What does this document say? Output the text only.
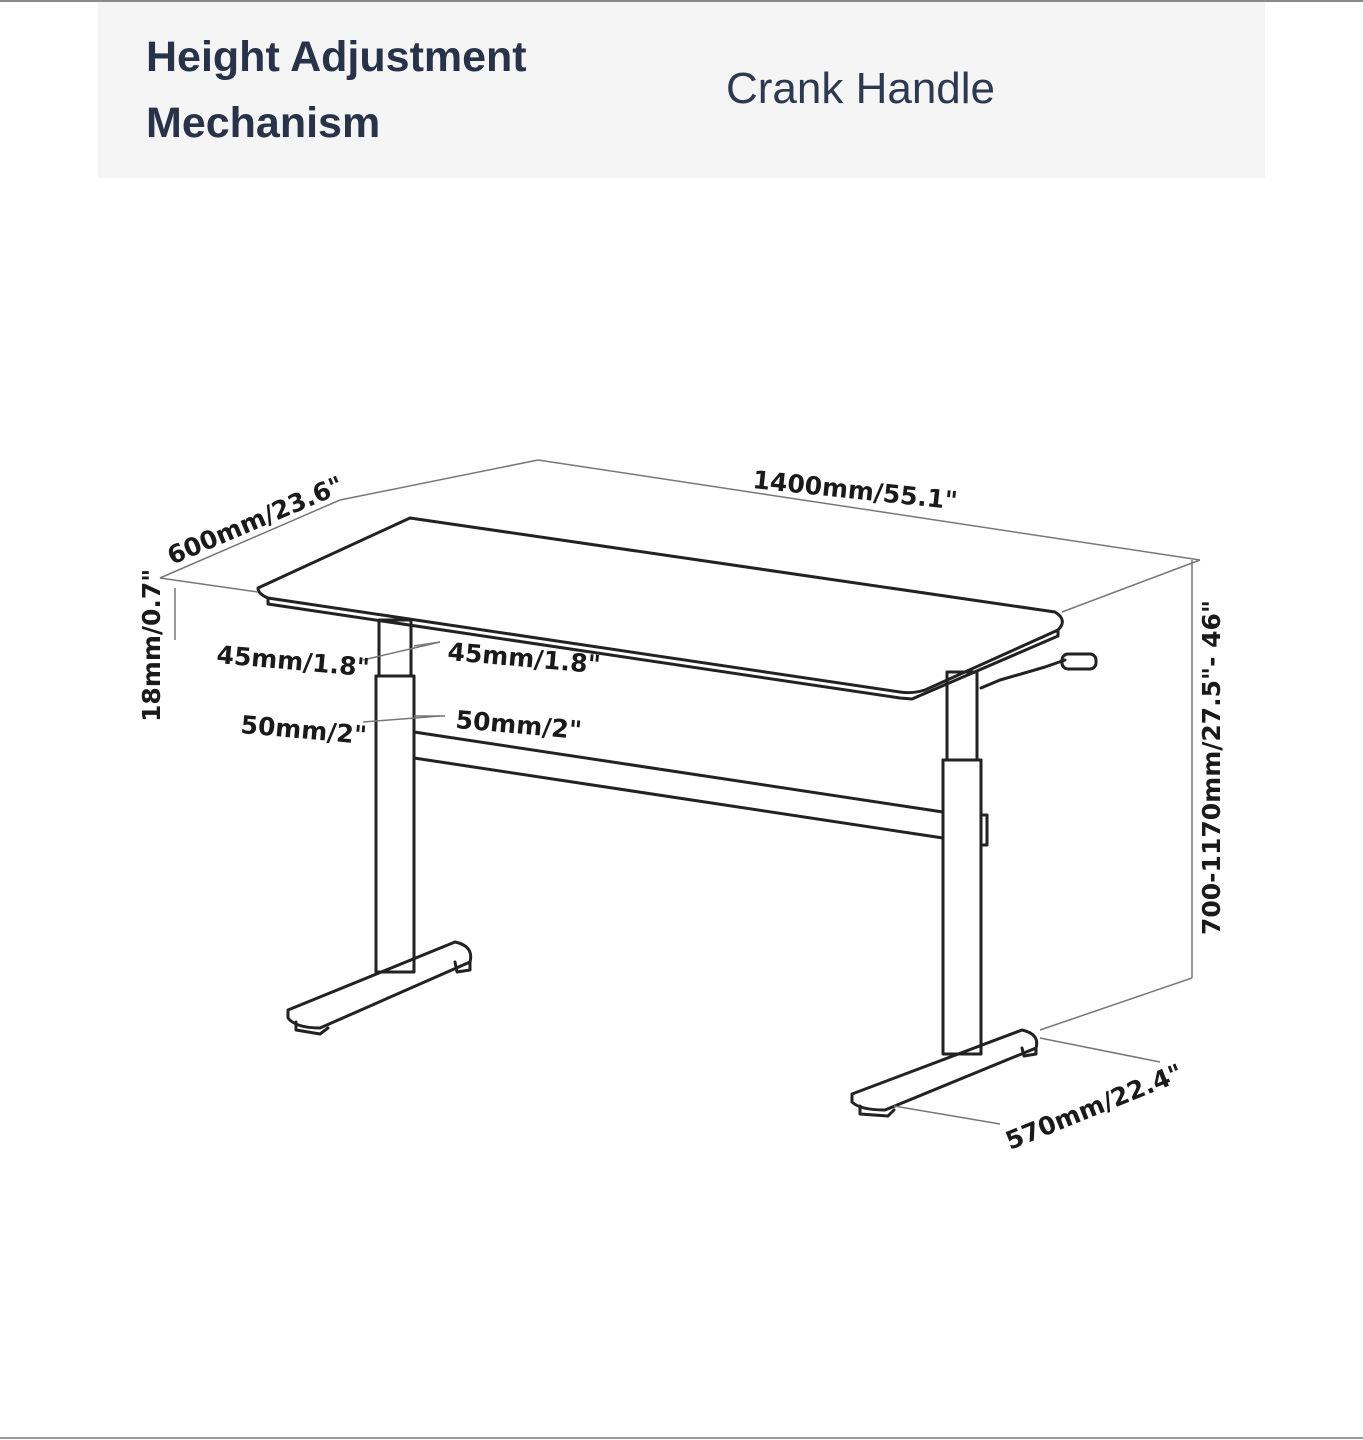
Height Adjustment Mechanism
Crank Handle
1400mm/55.1"
600mm/23.6"
18mm/0.7" 45mm/1.8"	45mm/1.8"
50mm/2"	50mm/2"	700-1170mm/27.5"- 46"
570mm/22.4"
